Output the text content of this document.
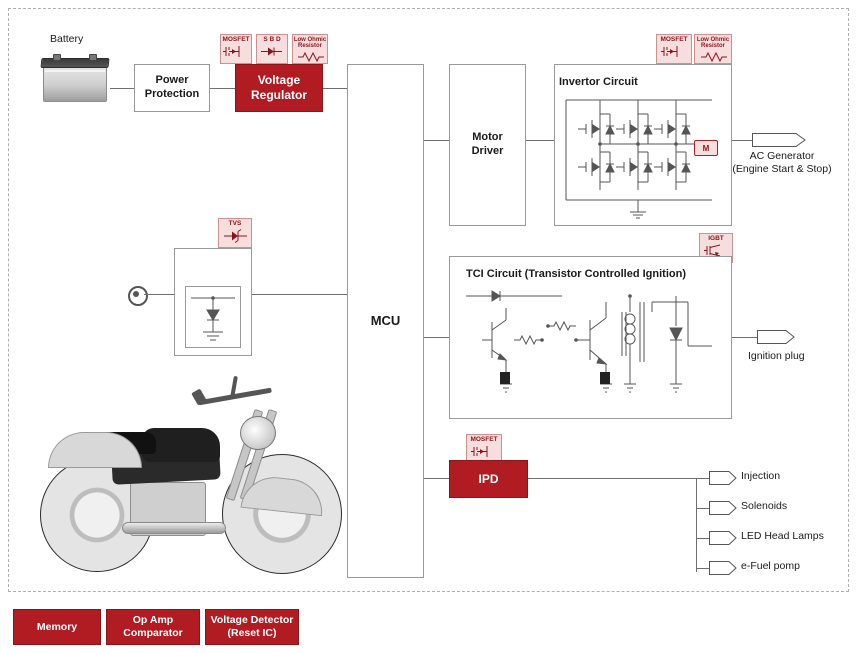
Battery
Power
Protection
MOSFET	S B D	Low Ohmic
Resistor
Voltage
Regulator
MCU
Motor
Driver
Invertor Circuit
MOSFET	Low Ohmic
Resistor
M
AC Generator
(Engine Start & Stop)
TVS
IGBT
TCI Circuit (Transistor Controlled Ignition)
Ignition plug
MOSFET
IPD	Injection
Solenoids
LED Head Lamps
e-Fuel pomp
Memory
Op Amp
Comparator
Voltage Detector
(Reset IC)
